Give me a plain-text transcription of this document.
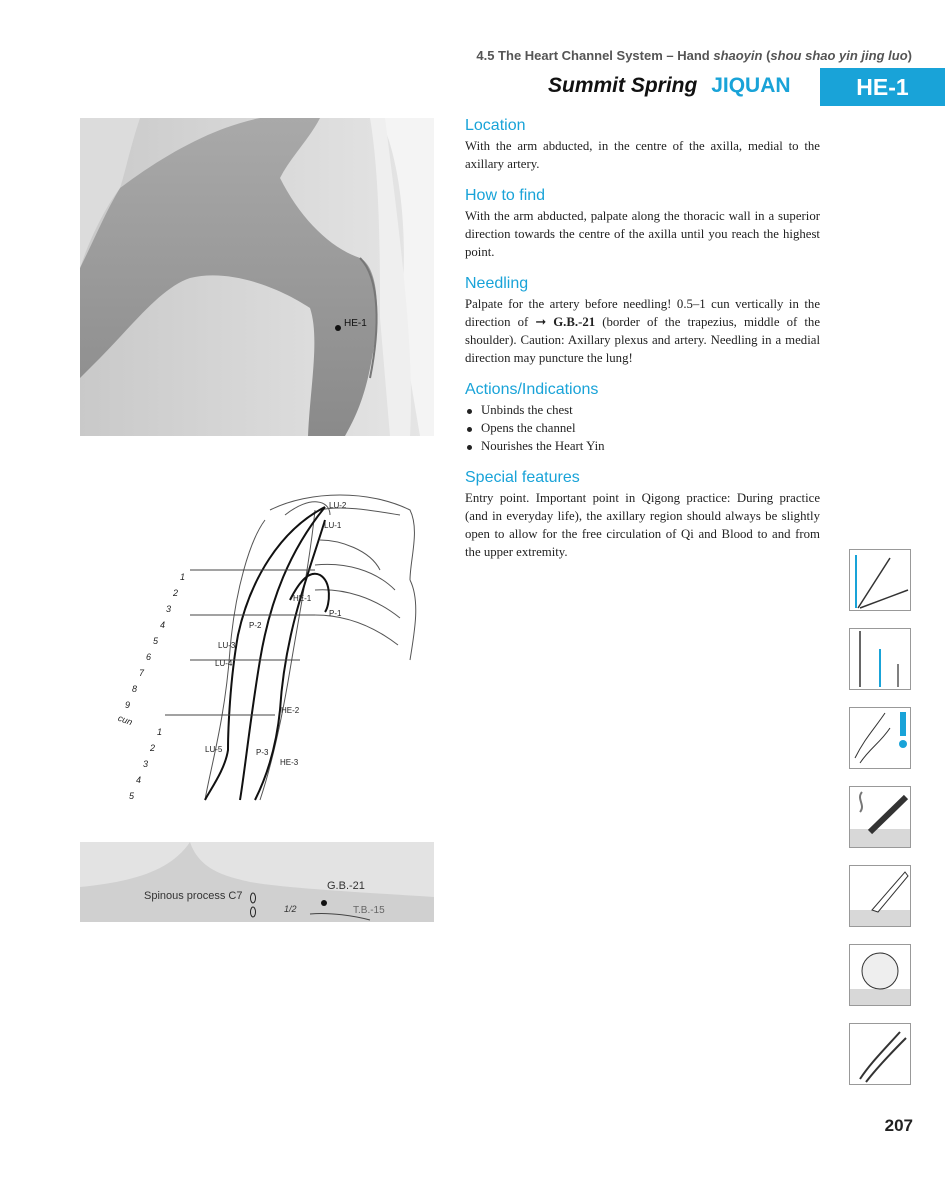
4.5 The Heart Channel System – Hand shaoyin (shou shao yin jing luo)
Summit Spring JIQUAN	HE-1
HE-1
1
2
3
4
5
6
7
8
9
cun
1
2
3
4
5
LU-2
LU-1
HE-1
P-1
P-2
LU-3
LU-4
HE-2
LU-5	P-3
HE-3
Spinous process C7
G.B.-21
1/2	T.B.-15
Location

With the arm abducted, in the centre of the axilla, medial to the axillary artery.

How to find

With the arm abducted, palpate along the thoracic wall in a superior direction towards the centre of the axilla until you reach the highest point.

Needling

Palpate for the artery before needling! 0.5–1 cun vertically in the direction of ➞ G.B.-21 (border of the trapezius, middle of the shoulder). Caution: Axillary plexus and artery. Needling in a medial direction may puncture the lung!

Actions/Indications
Unbinds the chest
Opens the channel
Nourishes the Heart Yin
Special features

Entry point. Important point in Qigong practice: During practice (and in everyday life), the axillary region should always be slightly open to allow for the free circulation of Qi and Blood to and from the upper extremity.

207
